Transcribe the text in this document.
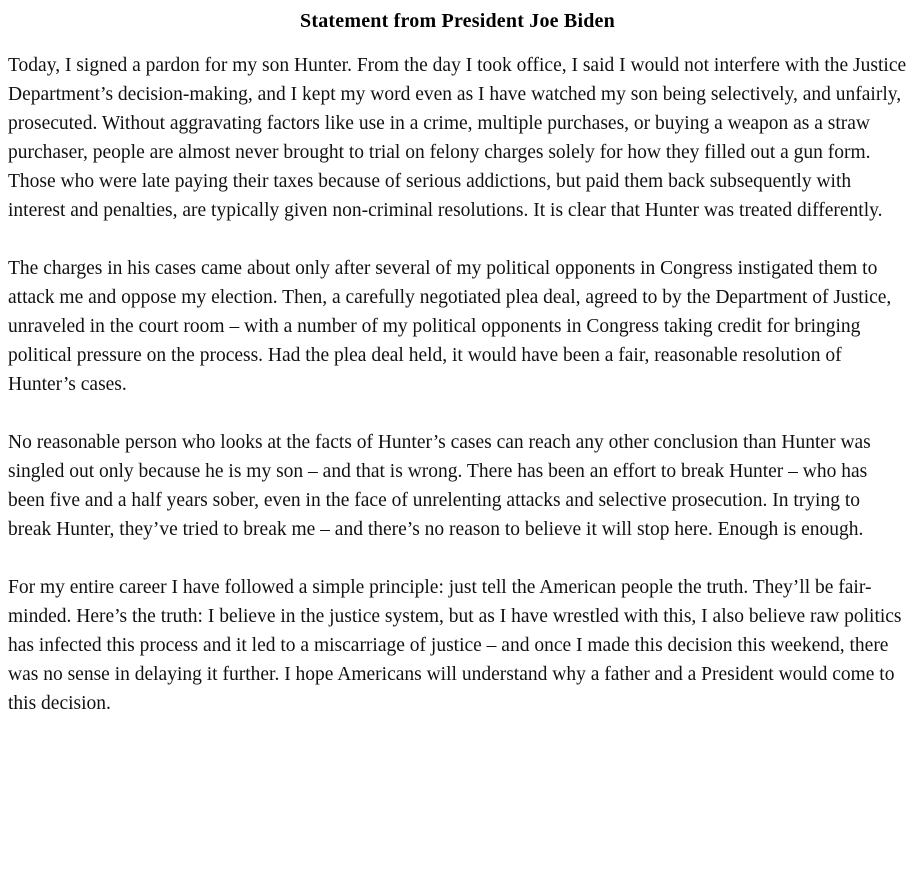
Statement from President Joe Biden

Today, I signed a pardon for my son Hunter. From the day I took office, I said I would not interfere with the Justice Department’s decision-making, and I kept my word even as I have watched my son being selectively, and unfairly, prosecuted. Without aggravating factors like use in a crime, multiple purchases, or buying a weapon as a straw purchaser, people are almost never brought to trial on felony charges solely for how they filled out a gun form. Those who were late paying their taxes because of serious addictions, but paid them back subsequently with interest and penalties, are typically given non-criminal resolutions. It is clear that Hunter was treated differently.

The charges in his cases came about only after several of my political opponents in Congress instigated them to attack me and oppose my election. Then, a carefully negotiated plea deal, agreed to by the Department of Justice, unraveled in the court room – with a number of my political opponents in Congress taking credit for bringing political pressure on the process. Had the plea deal held, it would have been a fair, reasonable resolution of Hunter’s cases.

No reasonable person who looks at the facts of Hunter’s cases can reach any other conclusion than Hunter was singled out only because he is my son – and that is wrong. There has been an effort to break Hunter – who has been five and a half years sober, even in the face of unrelenting attacks and selective prosecution. In trying to break Hunter, they’ve tried to break me – and there’s no reason to believe it will stop here. Enough is enough.

For my entire career I have followed a simple principle: just tell the American people the truth. They’ll be fair-minded. Here’s the truth: I believe in the justice system, but as I have wrestled with this, I also believe raw politics has infected this process and it led to a miscarriage of justice – and once I made this decision this weekend, there was no sense in delaying it further. I hope Americans will understand why a father and a President would come to this decision.
